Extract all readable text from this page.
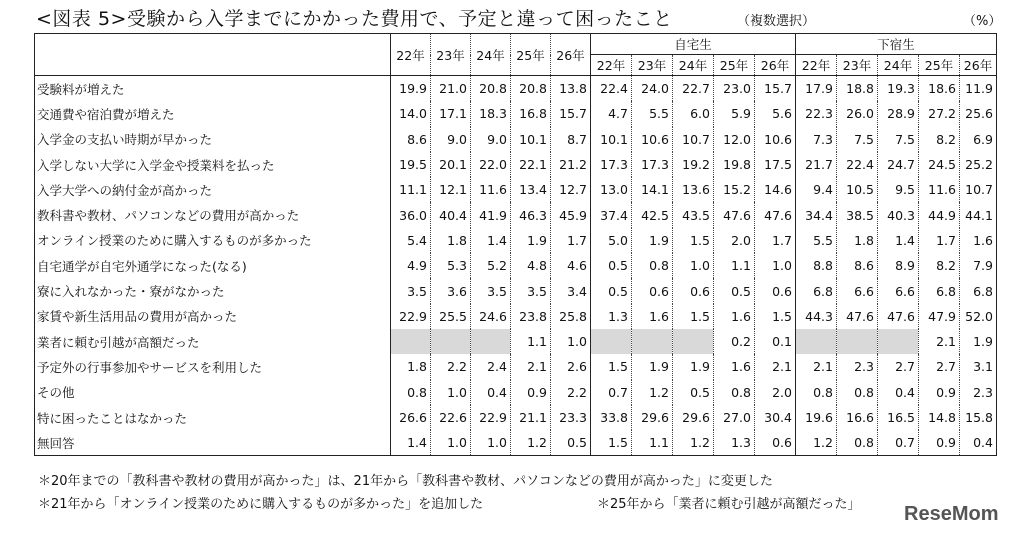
<図表 5>受験から入学までにかかった費用で、予定と違って困ったこと	（複数選択）	（%）
	22年	23年	24年	25年	26年	自宅生					下宿生				
						22年	23年	24年	25年	26年	22年	23年	24年	25年	26年
受験料が増えた	19.9	21.0	20.8	20.8	13.8	22.4	24.0	22.7	23.0	15.7	17.9	18.8	19.3	18.6	11.9
交通費や宿泊費が増えた	14.0	17.1	18.3	16.8	15.7	4.7	5.5	6.0	5.9	5.6	22.3	26.0	28.9	27.2	25.6
入学金の支払い時期が早かった	8.6	9.0	9.0	10.1	8.7	10.1	10.6	10.7	12.0	10.6	7.3	7.5	7.5	8.2	6.9
入学しない大学に入学金や授業料を払った	19.5	20.1	22.0	22.1	21.2	17.3	17.3	19.2	19.8	17.5	21.7	22.4	24.7	24.5	25.2
入学大学への納付金が高かった	11.1	12.1	11.6	13.4	12.7	13.0	14.1	13.6	15.2	14.6	9.4	10.5	9.5	11.6	10.7
教科書や教材、パソコンなどの費用が高かった	36.0	40.4	41.9	46.3	45.9	37.4	42.5	43.5	47.6	47.6	34.4	38.5	40.3	44.9	44.1
オンライン授業のために購入するものが多かった	5.4	1.8	1.4	1.9	1.7	5.0	1.9	1.5	2.0	1.7	5.5	1.8	1.4	1.7	1.6
自宅通学が自宅外通学になった(なる)	4.9	5.3	5.2	4.8	4.6	0.5	0.8	1.0	1.1	1.0	8.8	8.6	8.9	8.2	7.9
寮に入れなかった・寮がなかった	3.5	3.6	3.5	3.5	3.4	0.5	0.6	0.6	0.5	0.6	6.8	6.6	6.6	6.8	6.8
家賃や新生活用品の費用が高かった	22.9	25.5	24.6	23.8	25.8	1.3	1.6	1.5	1.6	1.5	44.3	47.6	47.6	47.9	52.0
業者に頼む引越が高額だった				1.1	1.0				0.2	0.1				2.1	1.9
予定外の行事参加やサービスを利用した	1.8	2.2	2.4	2.1	2.6	1.5	1.9	1.9	1.6	2.1	2.1	2.3	2.7	2.7	3.1
その他	0.8	1.0	0.4	0.9	2.2	0.7	1.2	0.5	0.8	2.0	0.8	0.8	0.4	0.9	2.3
特に困ったことはなかった	26.6	22.6	22.9	21.1	23.3	33.8	29.6	29.6	27.0	30.4	19.6	16.6	16.5	14.8	15.8
無回答	1.4	1.0	1.0	1.2	0.5	1.5	1.1	1.2	1.3	0.6	1.2	0.8	0.7	0.9	0.4
＊20年までの「教科書や教材の費用が高かった」は、21年から「教科書や教材、パソコンなどの費用が高かった」に変更した
＊21年から「オンライン授業のために購入するものが多かった」を追加した	＊25年から「業者に頼む引越が高額だった」 ReseMom
